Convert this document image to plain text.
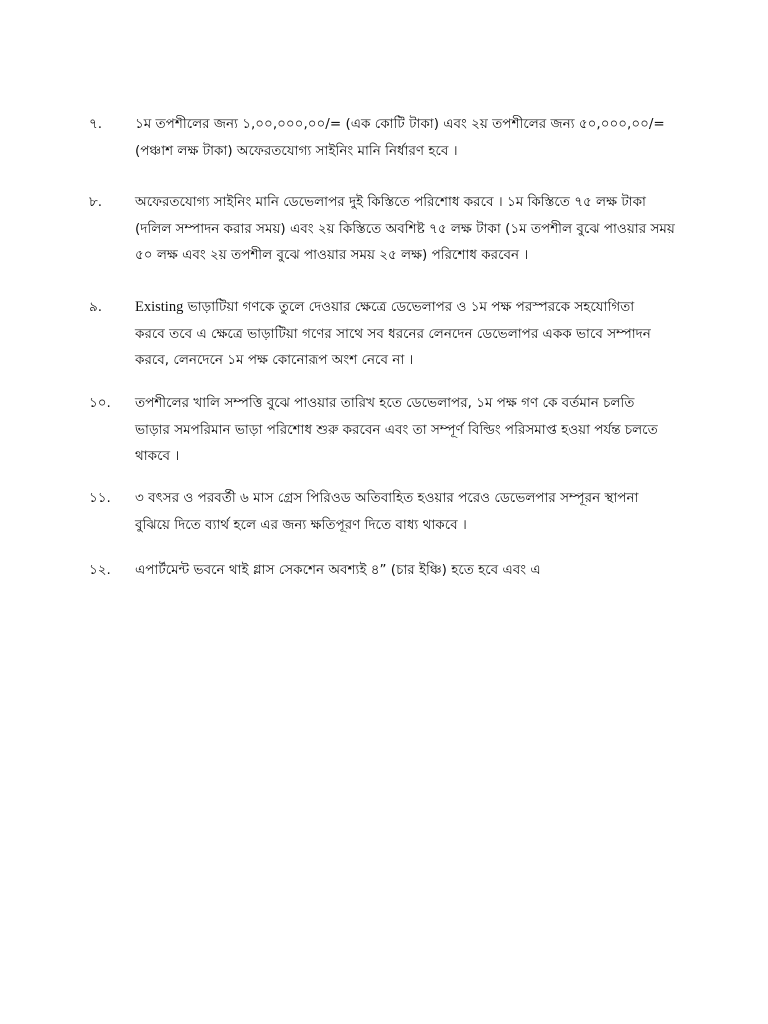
৭. ১ম তপশীলের জন্য ১,০০,০০০,০০/= (এক কোটি টাকা) এবং ২য় তপশীলের জন্য ৫০,০০০,০০/=
(পঞ্চাশ লক্ষ টাকা) অফেরতযোগ্য সাইনিং মানি নির্ধারণ হবে ।
৮. অফেরতযোগ্য সাইনিং মানি ডেভেলাপর দুই কিস্তিতে পরিশোধ করবে । ১ম কিস্তিতে ৭৫ লক্ষ টাকা
(দলিল সম্পাদন করার সময়) এবং ২য় কিস্তিতে অবশিষ্ট ৭৫ লক্ষ টাকা (১ম তপশীল বুঝে পাওয়ার সময়
৫০ লক্ষ এবং ২য় তপশীল বুঝে পাওয়ার সময় ২৫ লক্ষ) পরিশোধ করবেন ।
৯. Existing ভাড়াটিয়া গণকে তুলে দেওয়ার ক্ষেত্রে ডেভেলাপর ও ১ম পক্ষ পরস্পরকে সহযোগিতা
করবে তবে এ ক্ষেত্রে ভাড়াটিয়া গণের সাথে সব ধরনের লেনদেন ডেভেলাপর একক ভাবে সম্পাদন
করবে, লেনদেনে ১ম পক্ষ কোনোরূপ অংশ নেবে না ।
১০. তপশীলের খালি সম্পত্তি বুঝে পাওয়ার তারিখ হতে ডেভেলাপর, ১ম পক্ষ গণ কে বর্তমান চলতি
ভাড়ার সমপরিমান ভাড়া পরিশোধ শুরু করবেন এবং তা সম্পূর্ণ বিল্ডিং পরিসমাপ্ত হওয়া পর্যন্ত চলতে
থাকবে ।
১১. ৩ বৎসর ও পরবর্তী ৬ মাস গ্রেস পিরিওড অতিবাহিত হওয়ার পরেও ডেভেলপার সম্পূরন স্থাপনা
বুঝিয়ে দিতে ব্যার্থ হলে এর জন্য ক্ষতিপূরণ দিতে বাধ্য থাকবে ।
১২. এপার্টমেন্ট ভবনে থাই গ্লাস সেকশেন অবশ্যই ৪” (চার ইঞ্চি) হতে হবে এবং এ
